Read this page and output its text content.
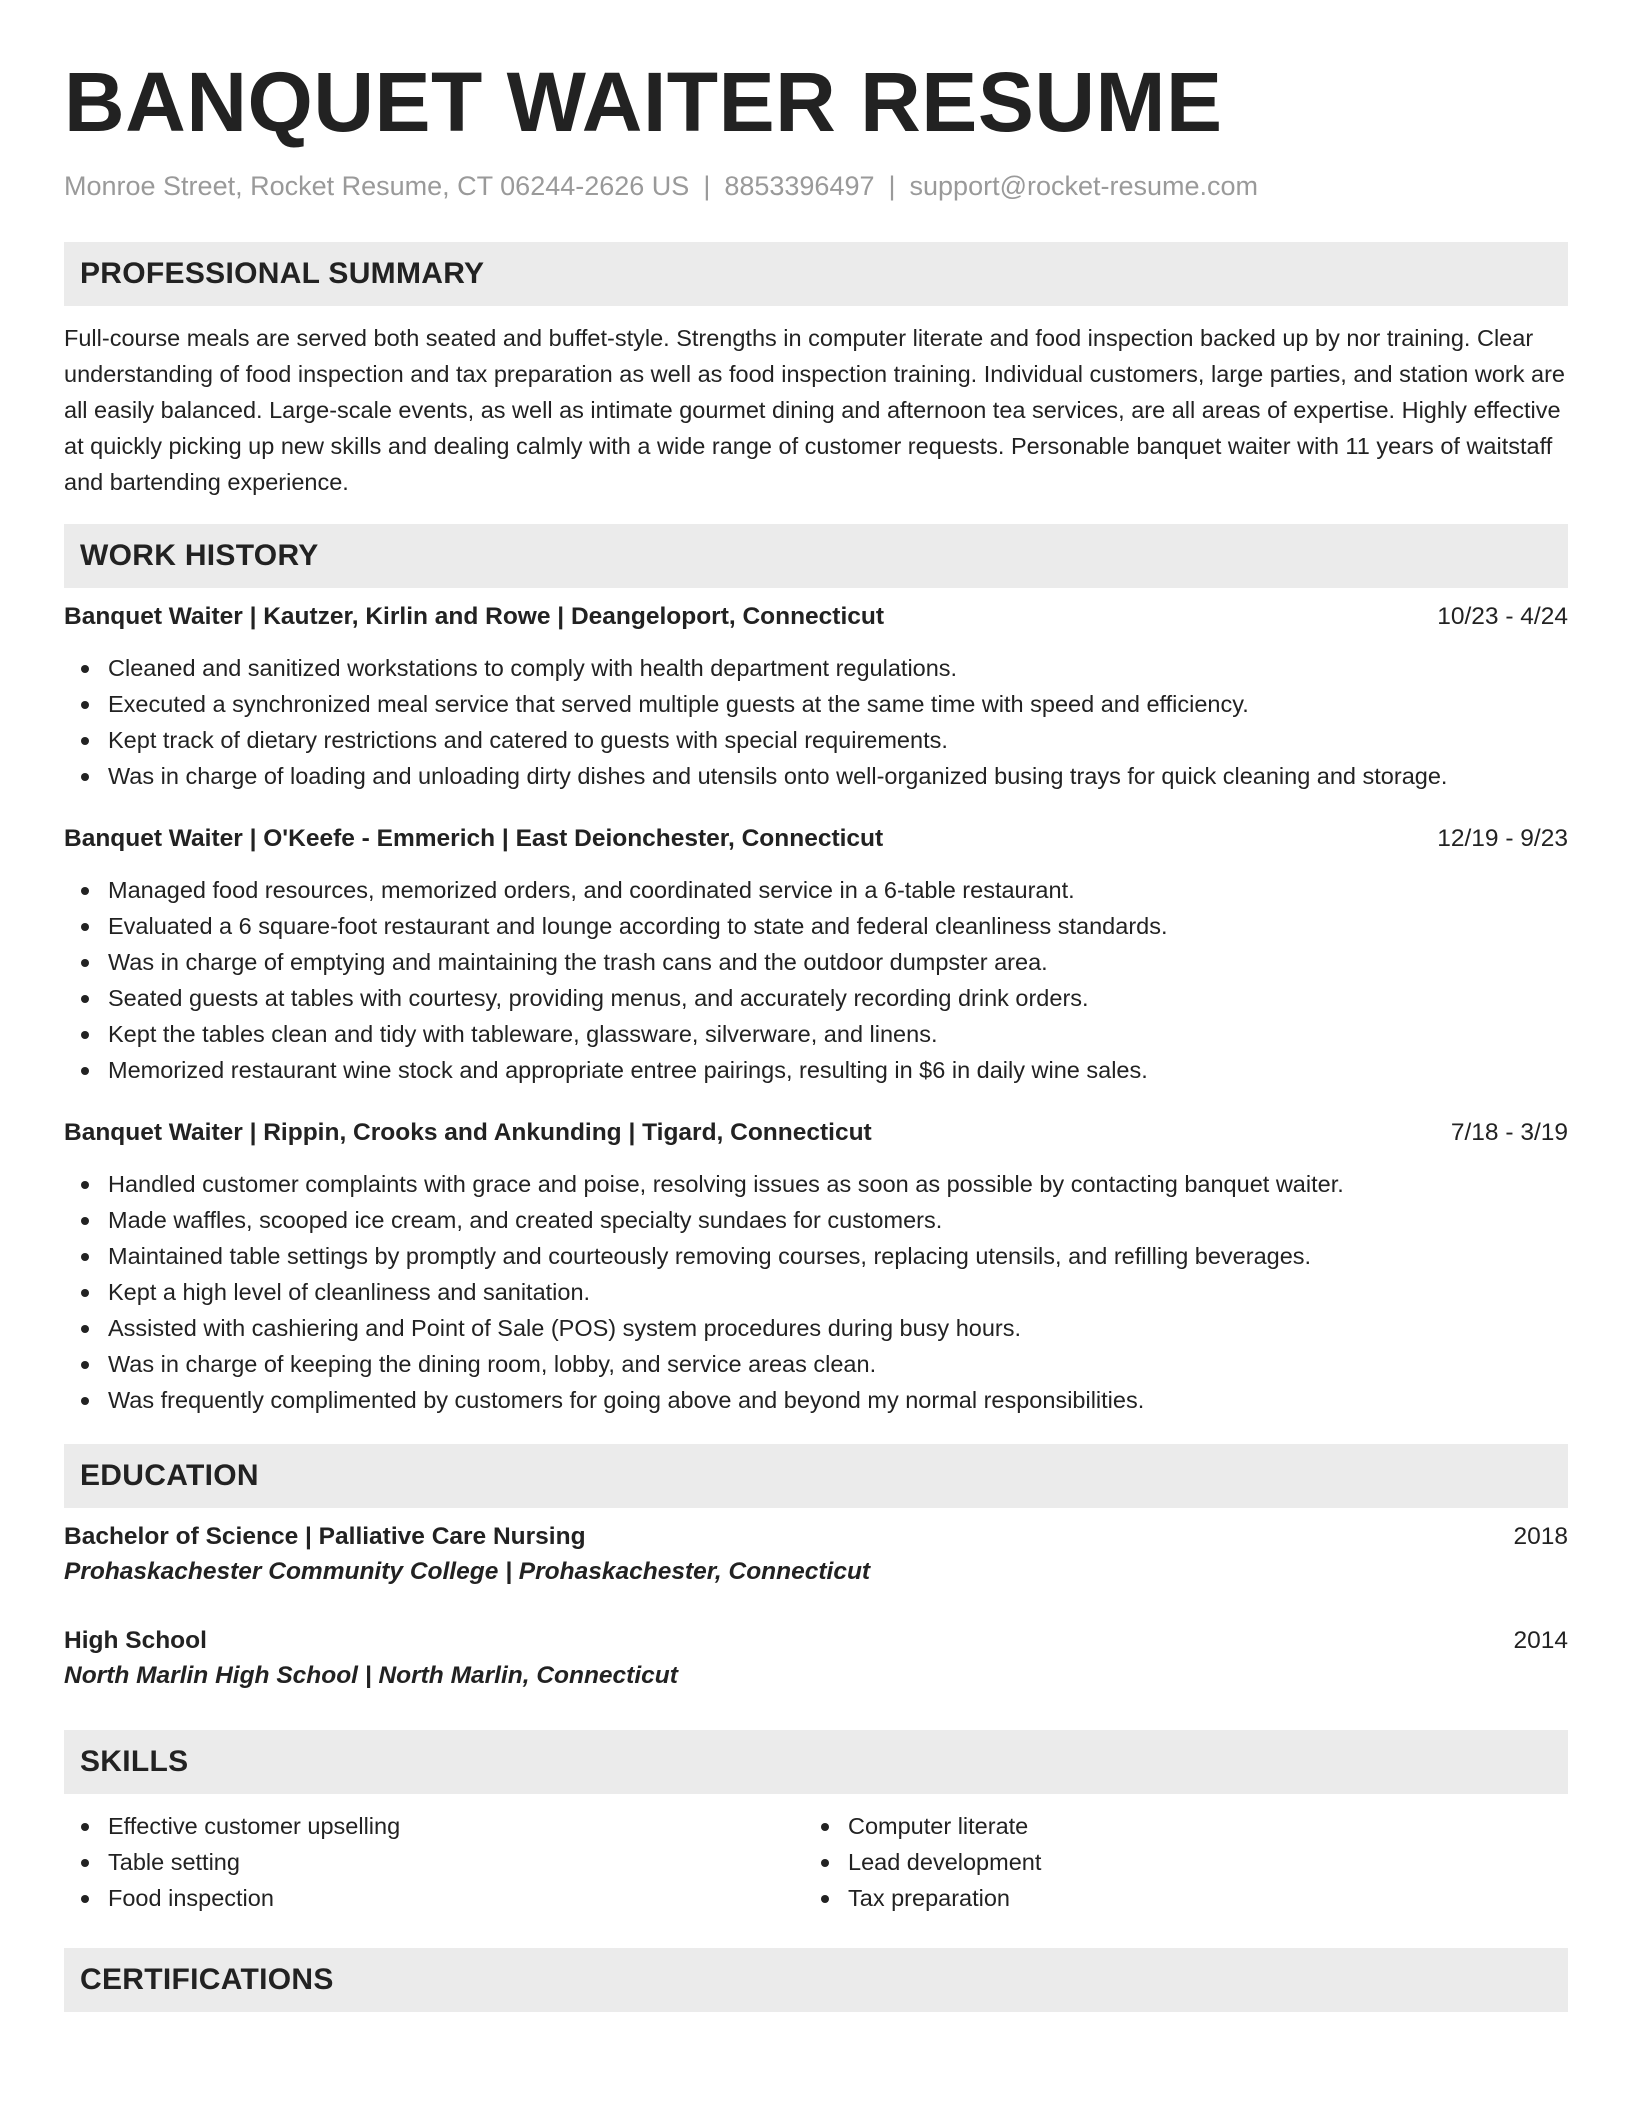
BANQUET WAITER RESUME
Monroe Street, Rocket Resume, CT 06244-2626 US | 8853396497 | support@rocket-resume.com
PROFESSIONAL SUMMARY
Full-course meals are served both seated and buffet-style. Strengths in computer literate and food inspection backed up by nor training. Clear understanding of food inspection and tax preparation as well as food inspection training. Individual customers, large parties, and station work are all easily balanced. Large-scale events, as well as intimate gourmet dining and afternoon tea services, are all areas of expertise. Highly effective at quickly picking up new skills and dealing calmly with a wide range of customer requests. Personable banquet waiter with 11 years of waitstaff and bartending experience.
WORK HISTORY
Banquet Waiter | Kautzer, Kirlin and Rowe | Deangeloport, Connecticut	10/23 - 4/24
Cleaned and sanitized workstations to comply with health department regulations.
Executed a synchronized meal service that served multiple guests at the same time with speed and efficiency.
Kept track of dietary restrictions and catered to guests with special requirements.
Was in charge of loading and unloading dirty dishes and utensils onto well-organized busing trays for quick cleaning and storage.
Banquet Waiter | O'Keefe - Emmerich | East Deionchester, Connecticut	12/19 - 9/23
Managed food resources, memorized orders, and coordinated service in a 6-table restaurant.
Evaluated a 6 square-foot restaurant and lounge according to state and federal cleanliness standards.
Was in charge of emptying and maintaining the trash cans and the outdoor dumpster area.
Seated guests at tables with courtesy, providing menus, and accurately recording drink orders.
Kept the tables clean and tidy with tableware, glassware, silverware, and linens.
Memorized restaurant wine stock and appropriate entree pairings, resulting in $6 in daily wine sales.
Banquet Waiter | Rippin, Crooks and Ankunding | Tigard, Connecticut	7/18 - 3/19
Handled customer complaints with grace and poise, resolving issues as soon as possible by contacting banquet waiter.
Made waffles, scooped ice cream, and created specialty sundaes for customers.
Maintained table settings by promptly and courteously removing courses, replacing utensils, and refilling beverages.
Kept a high level of cleanliness and sanitation.
Assisted with cashiering and Point of Sale (POS) system procedures during busy hours.
Was in charge of keeping the dining room, lobby, and service areas clean.
Was frequently complimented by customers for going above and beyond my normal responsibilities.
EDUCATION
Bachelor of Science | Palliative Care Nursing	2018
Prohaskachester Community College | Prohaskachester, Connecticut
High School	2014
North Marlin High School | North Marlin, Connecticut
SKILLS
Effective customer upselling
Table setting
Food inspection
Computer literate
Lead development
Tax preparation
CERTIFICATIONS
